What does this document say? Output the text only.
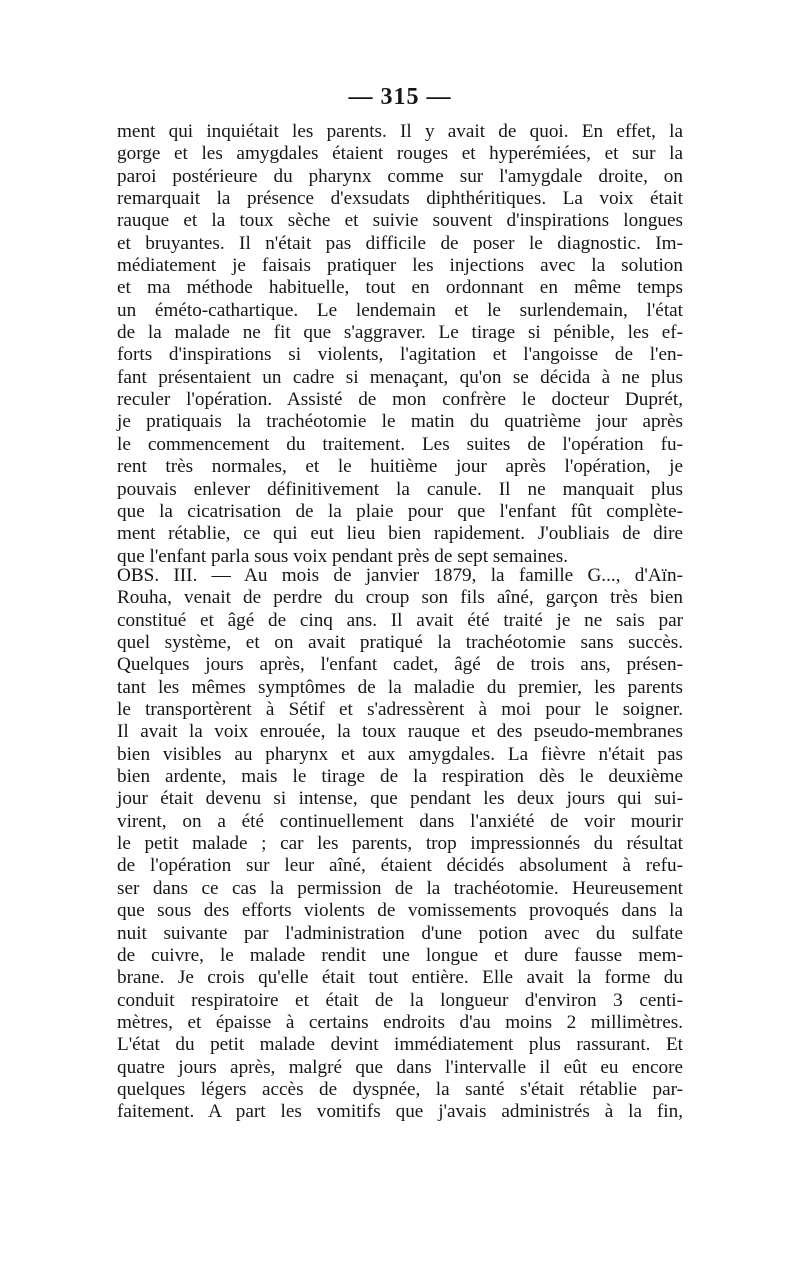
— 315 —
ment qui inquiétait les parents. Il y avait de quoi. En effet, la
gorge et les amygdales étaient rouges et hyperémiées, et sur la
paroi postérieure du pharynx comme sur l'amygdale droite, on
remarquait la présence d'exsudats diphthéritiques. La voix était
rauque et la toux sèche et suivie souvent d'inspirations longues
et bruyantes. Il n'était pas difficile de poser le diagnostic. Im-
médiatement je faisais pratiquer les injections avec la solution
et ma méthode habituelle, tout en ordonnant en même temps
un éméto-cathartique. Le lendemain et le surlendemain, l'état
de la malade ne fit que s'aggraver. Le tirage si pénible, les ef-
forts d'inspirations si violents, l'agitation et l'angoisse de l'en-
fant présentaient un cadre si menaçant, qu'on se décida à ne plus
reculer l'opération. Assisté de mon confrère le docteur Duprét,
je pratiquais la trachéotomie le matin du quatrième jour après
le commencement du traitement. Les suites de l'opération fu-
rent très normales, et le huitième jour après l'opération, je
pouvais enlever définitivement la canule. Il ne manquait plus
que la cicatrisation de la plaie pour que l'enfant fût complète-
ment rétablie, ce qui eut lieu bien rapidement. J'oubliais de dire
que l'enfant parla sous voix pendant près de sept semaines.
OBS. III. — Au mois de janvier 1879, la famille G..., d'Aïn-
Rouha, venait de perdre du croup son fils aîné, garçon très bien
constitué et âgé de cinq ans. Il avait été traité je ne sais par
quel système, et on avait pratiqué la trachéotomie sans succès.
Quelques jours après, l'enfant cadet, âgé de trois ans, présen-
tant les mêmes symptômes de la maladie du premier, les parents
le transportèrent à Sétif et s'adressèrent à moi pour le soigner.
Il avait la voix enrouée, la toux rauque et des pseudo-membranes
bien visibles au pharynx et aux amygdales. La fièvre n'était pas
bien ardente, mais le tirage de la respiration dès le deuxième
jour était devenu si intense, que pendant les deux jours qui sui-
virent, on a été continuellement dans l'anxiété de voir mourir
le petit malade ; car les parents, trop impressionnés du résultat
de l'opération sur leur aîné, étaient décidés absolument à refu-
ser dans ce cas la permission de la trachéotomie. Heureusement
que sous des efforts violents de vomissements provoqués dans la
nuit suivante par l'administration d'une potion avec du sulfate
de cuivre, le malade rendit une longue et dure fausse mem-
brane. Je crois qu'elle était tout entière. Elle avait la forme du
conduit respiratoire et était de la longueur d'environ 3 centi-
mètres, et épaisse à certains endroits d'au moins 2 millimètres.
L'état du petit malade devint immédiatement plus rassurant. Et
quatre jours après, malgré que dans l'intervalle il eût eu encore
quelques légers accès de dyspnée, la santé s'était rétablie par-
faitement. A part les vomitifs que j'avais administrés à la fin,
